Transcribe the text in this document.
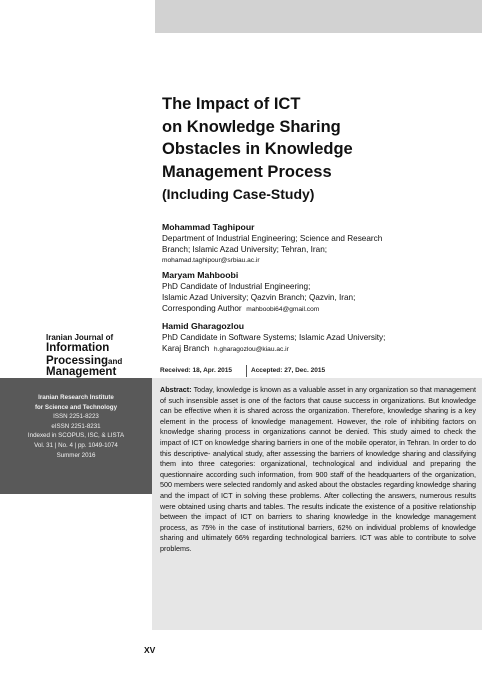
The Impact of ICT
on Knowledge Sharing
Obstacles in Knowledge
Management Process
(Including Case-Study)
Mohammad Taghipour
Department of Industrial Engineering; Science and Research
Branch; Islamic Azad University; Tehran, Iran;
mohamad.taghipour@srbiau.ac.ir
Maryam Mahboobi
PhD Candidate of Industrial Engineering;
Islamic Azad University; Qazvin Branch; Qazvin, Iran;
Corresponding Author mahboobi64@gmail.com
Hamid Gharagozlou
PhD Candidate in Software Systems; Islamic Azad University;
Karaj Branch h.gharagozlou@kiau.ac.ir
Iranian Journal of
Information
Processingand
Management	Received: 18, Apr. 2015	Accepted: 27, Dec. 2015
Iranian Research Institute
for Science and Technology
ISSN 2251-8223
eISSN 2251-8231
Indexed in SCOPUS, ISC, & LISTA
Vol. 31 | No. 4 | pp. 1049-1074
Summer 2016
Abstract: Today, knowledge is known as a valuable asset in any organization so that management of such insensible asset is one of the factors that cause success in organizations. But knowledge can be effective when it is shared across the organization. Therefore, knowledge sharing is a key element in the process of knowledge management. However, the role of inhibiting factors on knowledge sharing process in organizations cannot be denied. This study aimed to check the impact of ICT on knowledge sharing barriers in one of the mobile operator, in Tehran. In order to do this descriptive- analytical study, after assessing the barriers of knowledge sharing and classifying them into three categories: organizational, technological and individual and preparing the questionnaire according such information, from 900 staff of the headquarters of the organization, 500 members were selected randomly and asked about the obstacles regarding knowledge sharing and the impact of ICT in solving these problems. After collecting the answers, numerous results were obtained using charts and tables. The results indicate the existence of a positive relationship between the impact of ICT on barriers to sharing knowledge in the knowledge management process, as 75% in the case of institutional barriers, 62% on individual problems of knowledge sharing and ultimately 66% regarding technological barriers. ICT was able to contribute to solve problems.
XV
